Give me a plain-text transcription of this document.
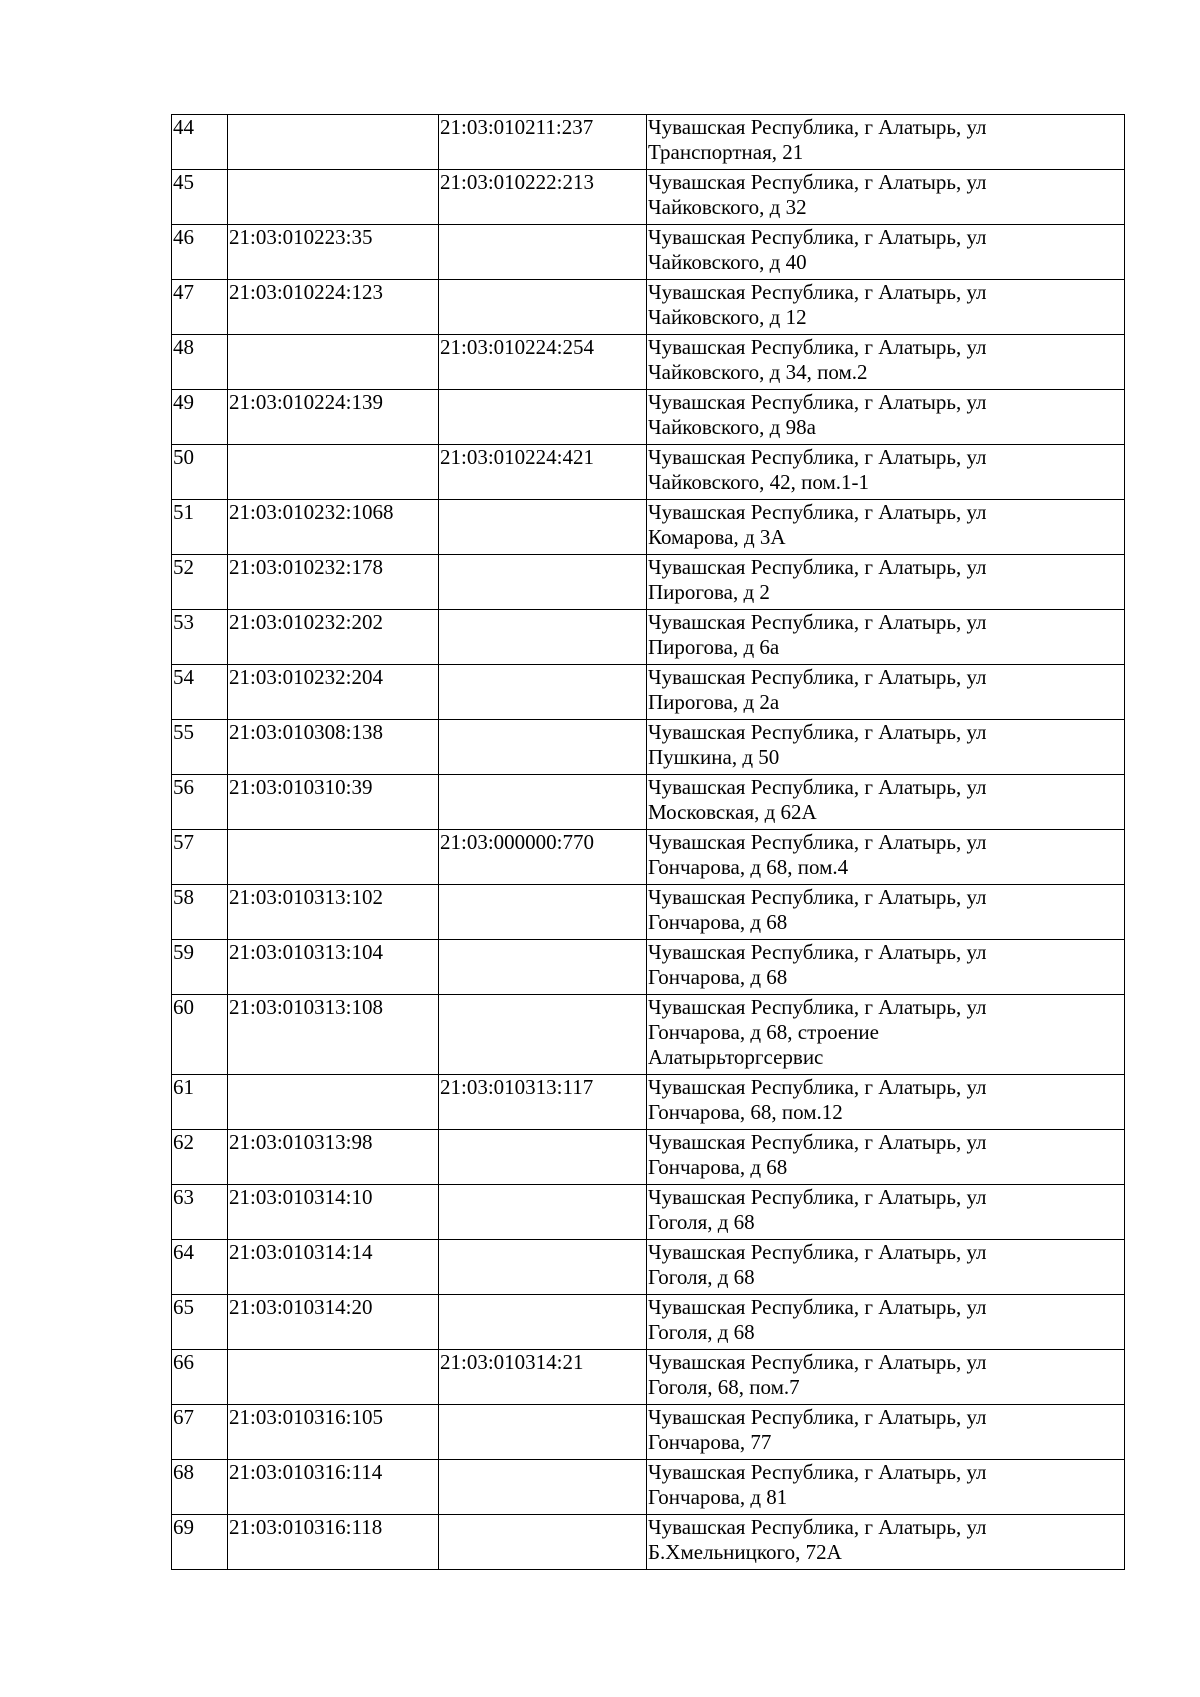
44		21:03:010211:237	Чувашская Республика, г Алатырь, ул
Транспортная, 21

45		21:03:010222:213	Чувашская Республика, г Алатырь, ул
Чайковского, д 32

46	21:03:010223:35		Чувашская Республика, г Алатырь, ул
Чайковского, д 40

47	21:03:010224:123		Чувашская Республика, г Алатырь, ул
Чайковского, д 12

48		21:03:010224:254	Чувашская Республика, г Алатырь, ул
Чайковского, д 34, пом.2

49	21:03:010224:139		Чувашская Республика, г Алатырь, ул
Чайковского, д 98а

50		21:03:010224:421	Чувашская Республика, г Алатырь, ул
Чайковского, 42, пом.1-1

51	21:03:010232:1068		Чувашская Республика, г Алатырь, ул
Комарова, д 3А

52	21:03:010232:178		Чувашская Республика, г Алатырь, ул
Пирогова, д 2

53	21:03:010232:202		Чувашская Республика, г Алатырь, ул
Пирогова, д 6а

54	21:03:010232:204		Чувашская Республика, г Алатырь, ул
Пирогова, д 2а

55	21:03:010308:138		Чувашская Республика, г Алатырь, ул
Пушкина, д 50

56	21:03:010310:39		Чувашская Республика, г Алатырь, ул
Московская, д 62А

57		21:03:000000:770	Чувашская Республика, г Алатырь, ул
Гончарова, д 68, пом.4

58	21:03:010313:102		Чувашская Республика, г Алатырь, ул
Гончарова, д 68

59	21:03:010313:104		Чувашская Республика, г Алатырь, ул
Гончарова, д 68

60	21:03:010313:108		Чувашская Республика, г Алатырь, ул
Гончарова, д 68, строение
Алатырьторгсервис

61		21:03:010313:117	Чувашская Республика, г Алатырь, ул
Гончарова, 68, пом.12

62	21:03:010313:98		Чувашская Республика, г Алатырь, ул
Гончарова, д 68

63	21:03:010314:10		Чувашская Республика, г Алатырь, ул
Гоголя, д 68

64	21:03:010314:14		Чувашская Республика, г Алатырь, ул
Гоголя, д 68

65	21:03:010314:20		Чувашская Республика, г Алатырь, ул
Гоголя, д 68

66		21:03:010314:21	Чувашская Республика, г Алатырь, ул
Гоголя, 68, пом.7

67	21:03:010316:105		Чувашская Республика, г Алатырь, ул
Гончарова, 77

68	21:03:010316:114		Чувашская Республика, г Алатырь, ул
Гончарова, д 81

69	21:03:010316:118		Чувашская Республика, г Алатырь, ул
Б.Хмельницкого, 72А
